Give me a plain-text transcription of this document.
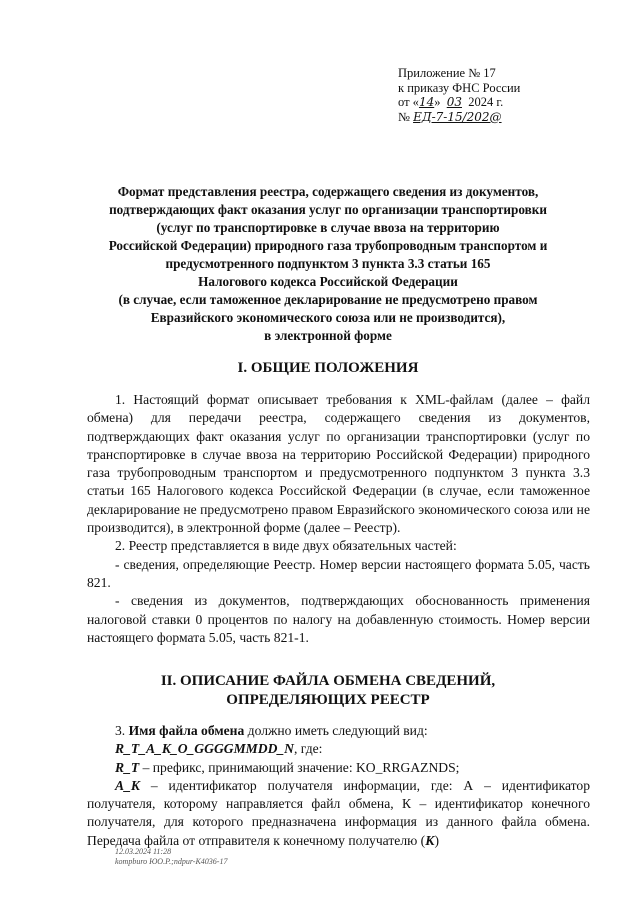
Приложение № 17
к приказу ФНС России
от «14» 03 2024 г.
№ ЕД-7-15/202@
Формат представления реестра, содержащего сведения из документов,
подтверждающих факт оказания услуг по организации транспортировки
(услуг по транспортировке в случае ввоза на территорию
Российской Федерации) природного газа трубопроводным транспортом и
предусмотренного подпунктом 3 пункта 3.3 статьи 165
Налогового кодекса Российской Федерации
(в случае, если таможенное декларирование не предусмотрено правом
Евразийского экономического союза или не производится),
в электронной форме
I. ОБЩИЕ ПОЛОЖЕНИЯ

1. Настоящий формат описывает требования к XML-файлам (далее – файл обмена) для передачи реестра, содержащего сведения из документов, подтверждающих факт оказания услуг по организации транспортировки (услуг по транспортировке в случае ввоза на территорию Российской Федерации) природного газа трубопроводным транспортом и предусмотренного подпунктом 3 пункта 3.3 статьи 165 Налогового кодекса Российской Федерации (в случае, если таможенное декларирование не предусмотрено правом Евразийского экономического союза или не производится), в электронной форме (далее – Реестр).

2. Реестр представляется в виде двух обязательных частей:

- сведения, определяющие Реестр. Номер версии настоящего формата 5.05, часть 821.

- сведения из документов, подтверждающих обоснованность применения налоговой ставки 0 процентов по налогу на добавленную стоимость. Номер версии настоящего формата 5.05, часть 821-1.

II. ОПИСАНИЕ ФАЙЛА ОБМЕНА СВЕДЕНИЙ,
ОПРЕДЕЛЯЮЩИХ РЕЕСТР

3. Имя файла обмена должно иметь следующий вид:

R_T_A_K_O_GGGGMMDD_N, где:

R_T – префикс, принимающий значение: KO_RRGAZNDS;

A_K – идентификатор получателя информации, где: А – идентификатор получателя, которому направляется файл обмена, К – идентификатор конечного получателя, для которого предназначена информация из данного файла обмена. Передача файла от отправителя к конечному получателю (К)

12.03.2024 11:28
kompburo ЮО.Р.;ndpur-K4036-17
